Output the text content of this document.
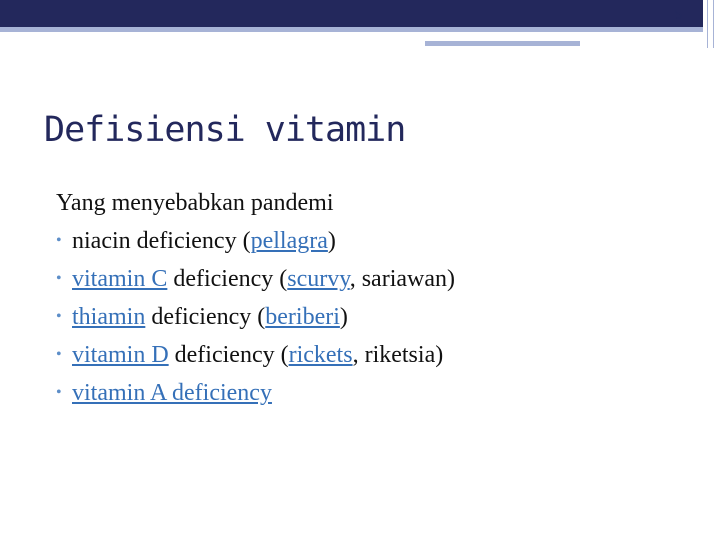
5
Defisiensi vitamin

Yang menyebabkan pandemi

• niacin deficiency (pellagra)
• vitamin C deficiency (scurvy, sariawan)
• thiamin deficiency (beriberi)
• vitamin D deficiency (rickets, riketsia)
• vitamin A deficiency
